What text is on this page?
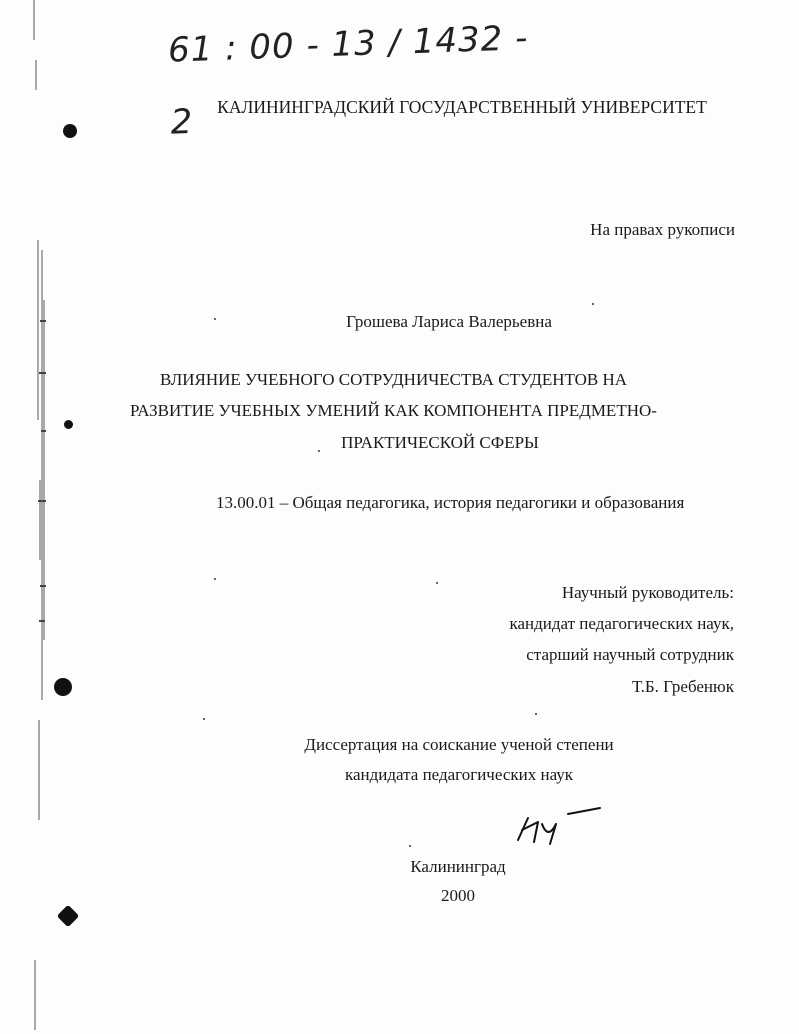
61 : 00 - 13 / 1432 - 2	КАЛИНИНГРАДСКИЙ ГОСУДАРСТВЕННЫЙ УНИВЕРСИТЕТ
На правах рукописи
Грошева Лариса Валерьевна
ВЛИЯНИЕ УЧЕБНОГО СОТРУДНИЧЕСТВА СТУДЕНТОВ НА
РАЗВИТИЕ УЧЕБНЫХ УМЕНИЙ КАК КОМПОНЕНТА ПРЕДМЕТНО-
ПРАКТИЧЕСКОЙ СФЕРЫ
13.00.01 – Общая педагогика, история педагогики и образования
Научный руководитель:
кандидат педагогических наук,
старший научный сотрудник
Т.Б. Гребенюк
Диссертация на соискание ученой степени
кандидата педагогических наук
Калининград
2000
